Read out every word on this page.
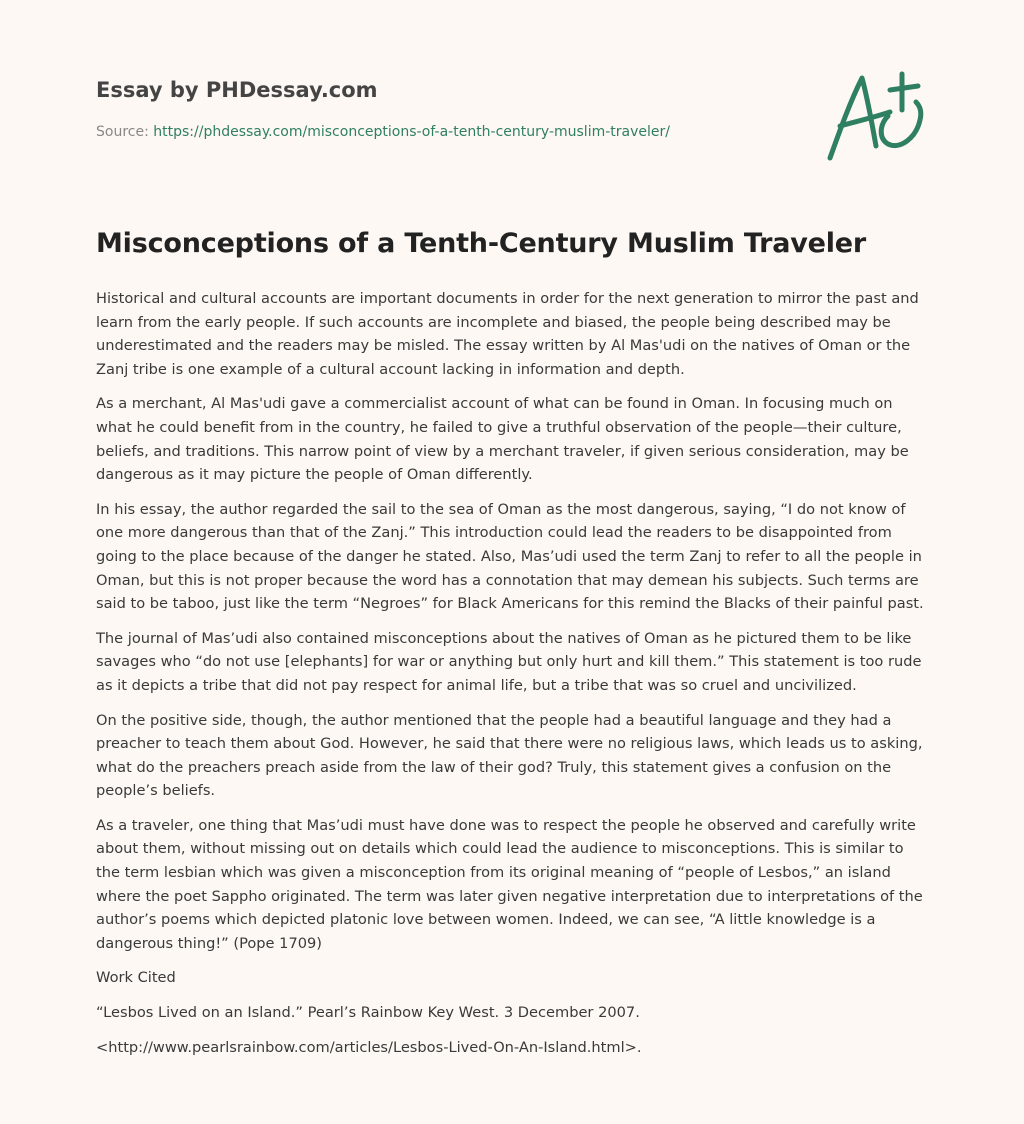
Essay by PHDessay.com
Source: https://phdessay.com/misconceptions-of-a-tenth-century-muslim-traveler/
Misconceptions of a Tenth-Century Muslim Traveler

Historical and cultural accounts are important documents in order for the next generation to mirror the past and learn from the early people. If such accounts are incomplete and biased, the people being described may be underestimated and the readers may be misled. The essay written by Al Mas'udi on the natives of Oman or the Zanj tribe is one example of a cultural account lacking in information and depth.

As a merchant, Al Mas'udi gave a commercialist account of what can be found in Oman. In focusing much on what he could benefit from in the country, he failed to give a truthful observation of the people—their culture, beliefs, and traditions. This narrow point of view by a merchant traveler, if given serious consideration, may be dangerous as it may picture the people of Oman differently.

In his essay, the author regarded the sail to the sea of Oman as the most dangerous, saying, “I do not know of one more dangerous than that of the Zanj.” This introduction could lead the readers to be disappointed from going to the place because of the danger he stated. Also, Mas’udi used the term Zanj to refer to all the people in Oman, but this is not proper because the word has a connotation that may demean his subjects. Such terms are said to be taboo, just like the term “Negroes” for Black Americans for this remind the Blacks of their painful past.

The journal of Mas’udi also contained misconceptions about the natives of Oman as he pictured them to be like savages who “do not use [elephants] for war or anything but only hurt and kill them.” This statement is too rude as it depicts a tribe that did not pay respect for animal life, but a tribe that was so cruel and uncivilized.

On the positive side, though, the author mentioned that the people had a beautiful language and they had a preacher to teach them about God. However, he said that there were no religious laws, which leads us to asking, what do the preachers preach aside from the law of their god? Truly, this statement gives a confusion on the people’s beliefs.

As a traveler, one thing that Mas’udi must have done was to respect the people he observed and carefully write about them, without missing out on details which could lead the audience to misconceptions. This is similar to the term lesbian which was given a misconception from its original meaning of “people of Lesbos,” an island where the poet Sappho originated. The term was later given negative interpretation due to interpretations of the author’s poems which depicted platonic love between women. Indeed, we can see, “A little knowledge is a dangerous thing!” (Pope 1709)

Work Cited

“Lesbos Lived on an Island.” Pearl’s Rainbow Key West. 3 December 2007.

<http://www.pearlsrainbow.com/articles/Lesbos-Lived-On-An-Island.html>.
